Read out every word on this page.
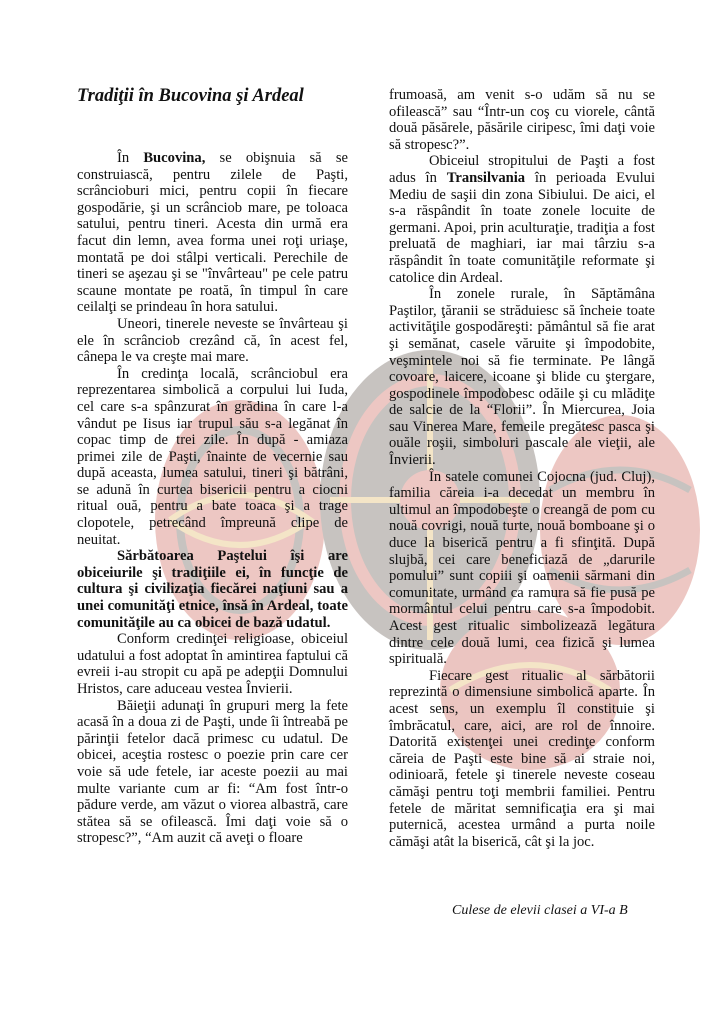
Tradiţii în Bucovina şi Ardeal

În Bucovina, se obişnuia să se construiască, pentru zilele de Paşti, scrâncioburi mici, pentru copii în fiecare gospodărie, şi un scrânciob mare, pe toloaca satului, pentru tineri. Acesta din urmă era facut din lemn, avea forma unei roţi uriaşe, montată pe doi stâlpi verticali. Perechile de tineri se aşezau şi se "învârteau" pe cele patru scaune montate pe roată, în timpul în care ceilalţi se prindeau în hora satului.

Uneori, tinerele neveste se învârteau şi ele în scrânciob crezând că, în acest fel, cânepa le va creşte mai mare.

În credinţa locală, scrânciobul era reprezentarea simbolică a corpului lui Iuda, cel care s-a spânzurat în grădina în care l-a vândut pe Iisus iar trupul său s-a legănat în copac timp de trei zile. În după - amiaza primei zile de Paşti, înainte de vecernie sau după aceasta, lumea satului, tineri şi bătrâni, se adună în curtea bisericii pentru a ciocni ritual ouă, pentru a bate toaca şi a trage clopotele, petrecând împreună clipe de neuitat.

Sărbătoarea Paştelui îşi are obiceiurile şi tradiţiile ei, în funcţie de cultura şi civilizaţia fiecărei naţiuni sau a unei comunităţi etnice, însă în Ardeal, toate comunităţile au ca obicei de bază udatul.

Conform credinţei religioase, obiceiul udatului a fost adoptat în amintirea faptului că evreii i-au stropit cu apă pe adepţii Domnului Hristos, care aduceau vestea Învierii.

Băieţii adunaţi în grupuri merg la fete acasă în a doua zi de Paşti, unde îi întreabă pe părinţii fetelor dacă primesc cu udatul. De obicei, aceştia rostesc o poezie prin care cer voie să ude fetele, iar aceste poezii au mai multe variante cum ar fi: “Am fost într-o pădure verde, am văzut o viorea albastră, care stătea să se ofilească. Îmi daţi voie să o stropesc?”, “Am auzit că aveţi o floare

frumoasă, am venit s-o udăm să nu se ofilească” sau “Într-un coş cu viorele, cântă două păsărele, păsările ciripesc, îmi daţi voie să stropesc?”.

Obiceiul stropitului de Paşti a fost adus în Transilvania în perioada Evului Mediu de saşii din zona Sibiului. De aici, el s-a răspândit în toate zonele locuite de germani. Apoi, prin aculturaţie, tradiţia a fost preluată de maghiari, iar mai târziu s-a răspândit în toate comunităţile reformate şi catolice din Ardeal.

În zonele rurale, în Săptămâna Paştilor, ţăranii se străduiesc să încheie toate activităţile gospodăreşti: pământul să fie arat şi semănat, casele văruite şi împodobite, veşmintele noi să fie terminate. Pe lângă covoare, laicere, icoane şi blide cu ştergare, gospodinele împodobesc odăile şi cu mlădiţe de salcie de la “Florii”. În Miercurea, Joia sau Vinerea Mare, femeile pregătesc pasca şi ouăle roşii, simboluri pascale ale vieţii, ale Învierii.

În satele comunei Cojocna (jud. Cluj), familia căreia i-a decedat un membru în ultimul an împodobeşte o creangă de pom cu nouă covrigi, nouă turte, nouă bomboane şi o duce la biserică pentru a fi sfinţită. După slujbă, cei care beneficiază de „darurile pomului” sunt copiii şi oamenii sărmani din comunitate, urmând ca ramura să fie pusă pe mormântul celui pentru care s-a împodobit. Acest gest ritualic simbolizează legătura dintre cele două lumi, cea fizică şi lumea spirituală.

Fiecare gest ritualic al sărbătorii reprezintă o dimensiune simbolică aparte. În acest sens, un exemplu îl constituie şi îmbrăcatul, care, aici, are rol de înnoire. Datorită existenţei unei credinţe conform căreia de Paşti este bine să ai straie noi, odinioară, fetele şi tinerele neveste coseau cămăşi pentru toţi membrii familiei. Pentru fetele de măritat semnificaţia era şi mai puternică, acestea urmând a purta noile cămăşi atât la biserică, cât şi la joc.

Culese de elevii clasei a VI-a B
